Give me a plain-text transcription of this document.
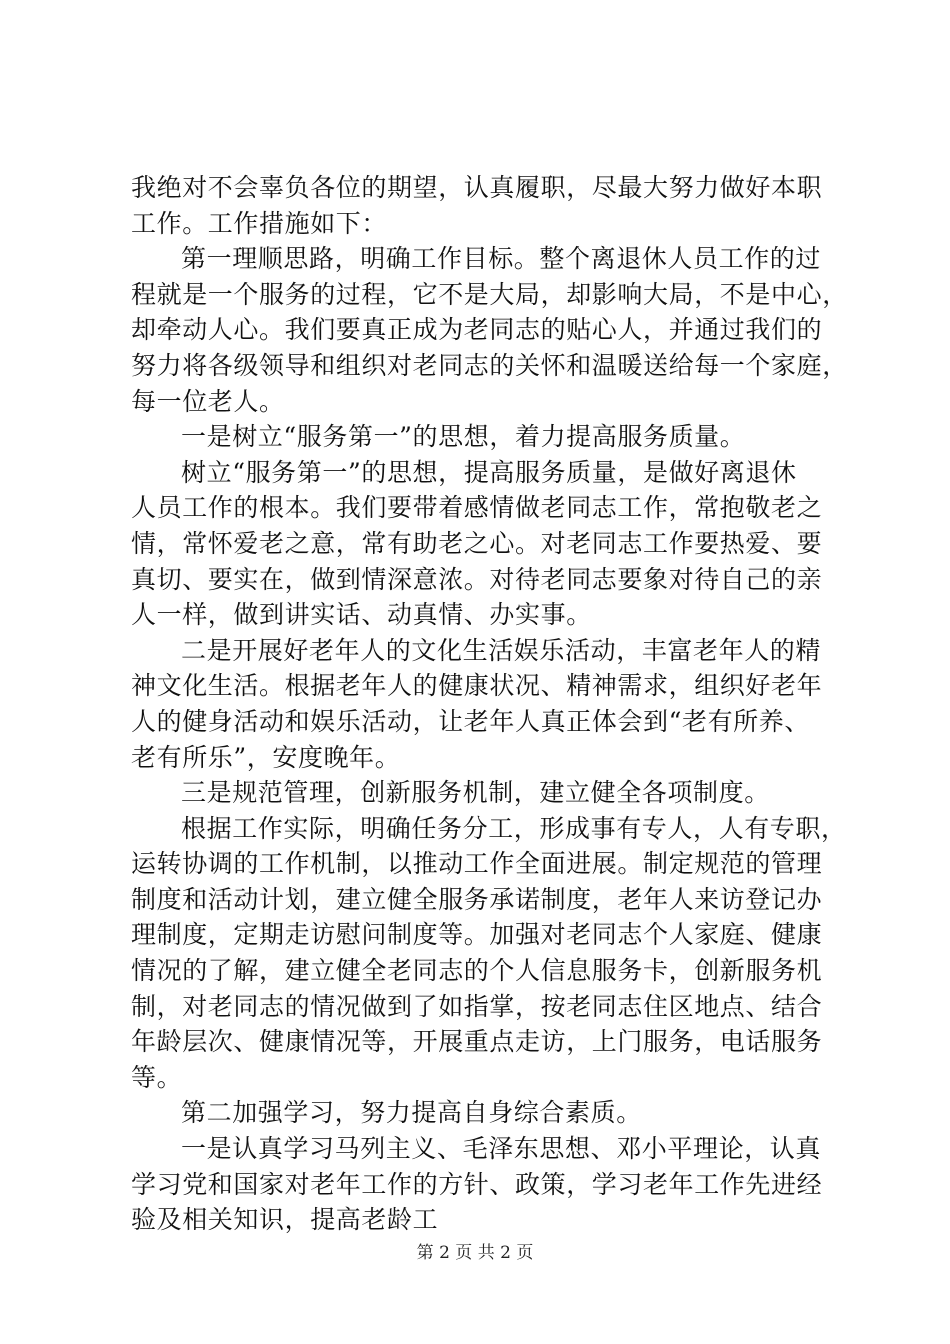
我绝对不会辜负各位的期望，认真履职，尽最大努力做好本职
工作。工作措施如下：
第一理顺思路，明确工作目标。整个离退休人员工作的过
程就是一个服务的过程，它不是大局，却影响大局，不是中心，
却牵动人心。我们要真正成为老同志的贴心人，并通过我们的
努力将各级领导和组织对老同志的关怀和温暖送给每一个家庭，
每一位老人。
一是树立“服务第一”的思想，着力提高服务质量。
树立“服务第一”的思想，提高服务质量，是做好离退休
人员工作的根本。我们要带着感情做老同志工作，常抱敬老之
情，常怀爱老之意，常有助老之心。对老同志工作要热爱、要
真切、要实在，做到情深意浓。对待老同志要象对待自己的亲
人一样，做到讲实话、动真情、办实事。
二是开展好老年人的文化生活娱乐活动，丰富老年人的精
神文化生活。根据老年人的健康状况、精神需求，组织好老年
人的健身活动和娱乐活动，让老年人真正体会到“老有所养、
老有所乐”，安度晚年。
三是规范管理，创新服务机制，建立健全各项制度。
根据工作实际，明确任务分工，形成事有专人，人有专职，
运转协调的工作机制，以推动工作全面进展。制定规范的管理
制度和活动计划，建立健全服务承诺制度，老年人来访登记办
理制度，定期走访慰问制度等。加强对老同志个人家庭、健康
情况的了解，建立健全老同志的个人信息服务卡，创新服务机
制，对老同志的情况做到了如指掌，按老同志住区地点、结合
年龄层次、健康情况等，开展重点走访，上门服务，电话服务
等。
第二加强学习，努力提高自身综合素质。
一是认真学习马列主义、毛泽东思想、邓小平理论，认真
学习党和国家对老年工作的方针、政策，学习老年工作先进经
验及相关知识，提高老龄工
第 2 页 共 2 页
